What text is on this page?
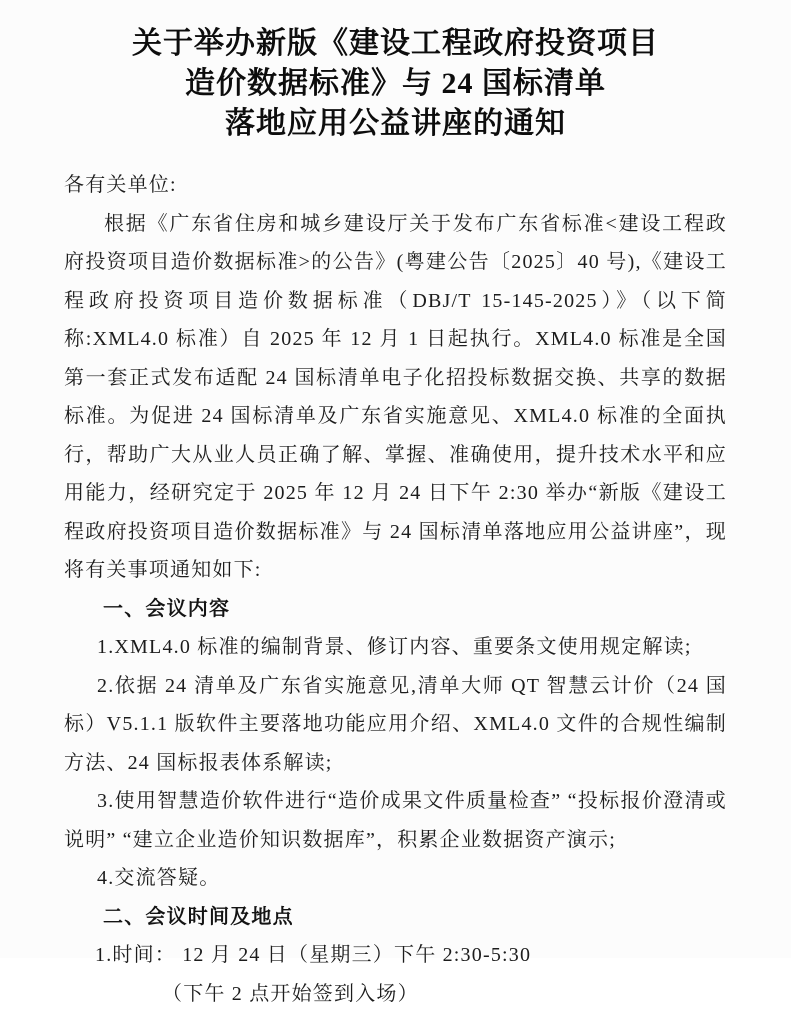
关于举办新版《建设工程政府投资项目
造价数据标准》与 24 国标清单
落地应用公益讲座的通知

各有关单位:

根据《广东省住房和城乡建设厅关于发布广东省标准<建设工程政府投资项目造价数据标准>的公告》(粤建公告〔2025〕40 号),《建设工程政府投资项目造价数据标准（DBJ/T 15-145-2025）》（以下简称:XML4.0 标准）自 2025 年 12 月 1 日起执行。XML4.0 标准是全国第一套正式发布适配 24 国标清单电子化招投标数据交换、共享的数据标准。为促进 24 国标清单及广东省实施意见、XML4.0 标准的全面执行，帮助广大从业人员正确了解、掌握、准确使用，提升技术水平和应用能力，经研究定于 2025 年 12 月 24 日下午 2:30 举办“新版《建设工程政府投资项目造价数据标准》与 24 国标清单落地应用公益讲座”，现将有关事项通知如下:

一、会议内容

1.XML4.0 标准的编制背景、修订内容、重要条文使用规定解读;

2.依据 24 清单及广东省实施意见,清单大师 QT 智慧云计价（24 国标）V5.1.1 版软件主要落地功能应用介绍、XML4.0 文件的合规性编制方法、24 国标报表体系解读;

3.使用智慧造价软件进行“造价成果文件质量检查” “投标报价澄清或说明” “建立企业造价知识数据库”，积累企业数据资产演示;

4.交流答疑。

二、会议时间及地点

1.时间： 12 月 24 日（星期三）下午 2:30-5:30

（下午 2 点开始签到入场）
